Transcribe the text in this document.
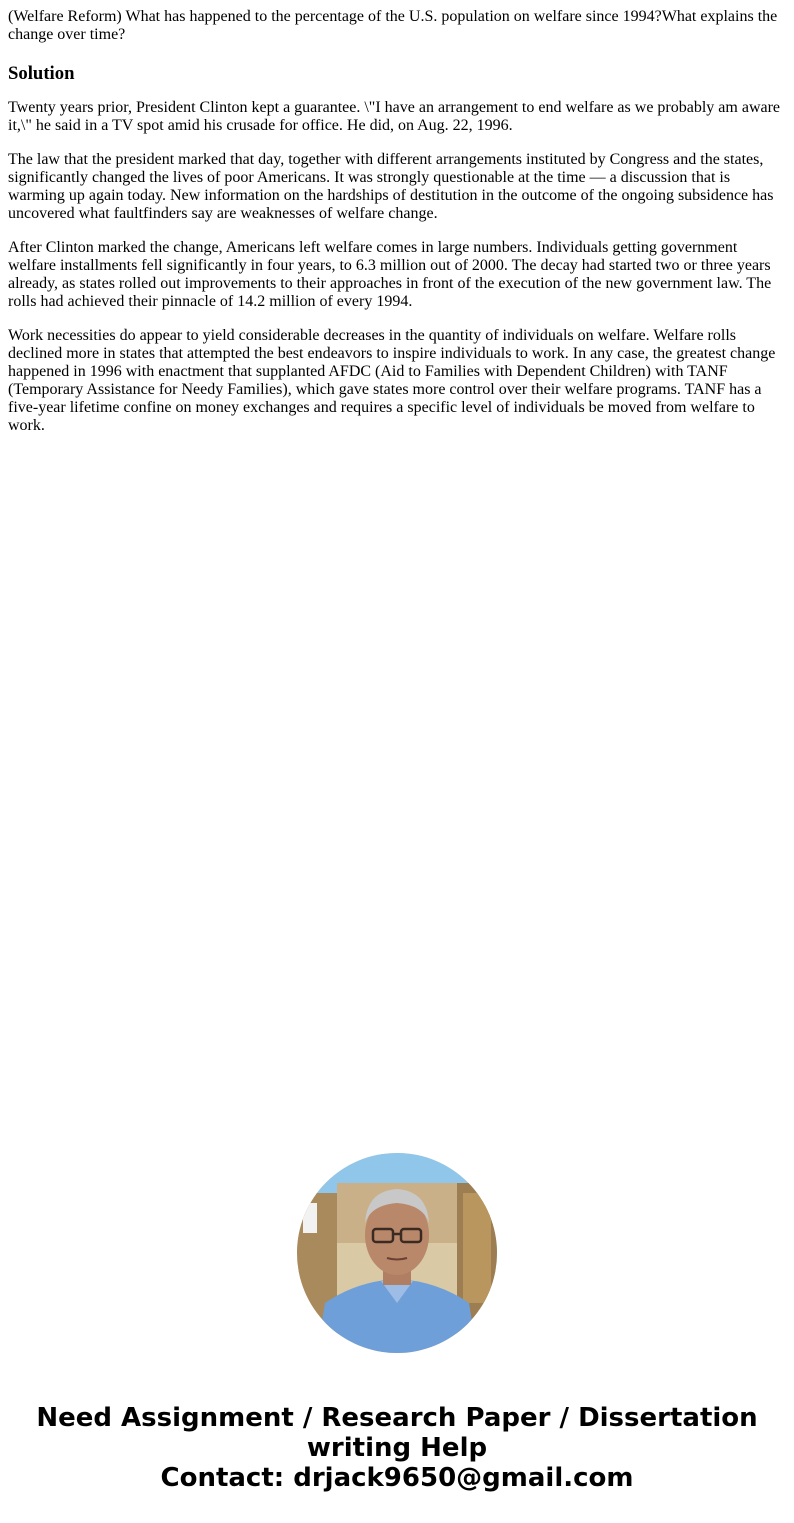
(Welfare Reform) What has happened to the percentage of the U.S. population on welfare since 1994?What explains the change over time?
Solution

Twenty years prior, President Clinton kept a guarantee. \"I have an arrangement to end welfare as we probably am aware it,\" he said in a TV spot amid his crusade for office. He did, on Aug. 22, 1996.

The law that the president marked that day, together with different arrangements instituted by Congress and the states, significantly changed the lives of poor Americans. It was strongly questionable at the time — a discussion that is warming up again today. New information on the hardships of destitution in the outcome of the ongoing subsidence has uncovered what faultfinders say are weaknesses of welfare change.

After Clinton marked the change, Americans left welfare comes in large numbers. Individuals getting government welfare installments fell significantly in four years, to 6.3 million out of 2000. The decay had started two or three years already, as states rolled out improvements to their approaches in front of the execution of the new government law. The rolls had achieved their pinnacle of 14.2 million of every 1994.

Work necessities do appear to yield considerable decreases in the quantity of individuals on welfare. Welfare rolls declined more in states that attempted the best endeavors to inspire individuals to work. In any case, the greatest change happened in 1996 with enactment that supplanted AFDC (Aid to Families with Dependent Children) with TANF (Temporary Assistance for Needy Families), which gave states more control over their welfare programs. TANF has a five-year lifetime confine on money exchanges and requires a specific level of individuals be moved from welfare to work.

Need Assignment / Research Paper / Dissertation
writing Help
Contact: drjack9650@gmail.com
